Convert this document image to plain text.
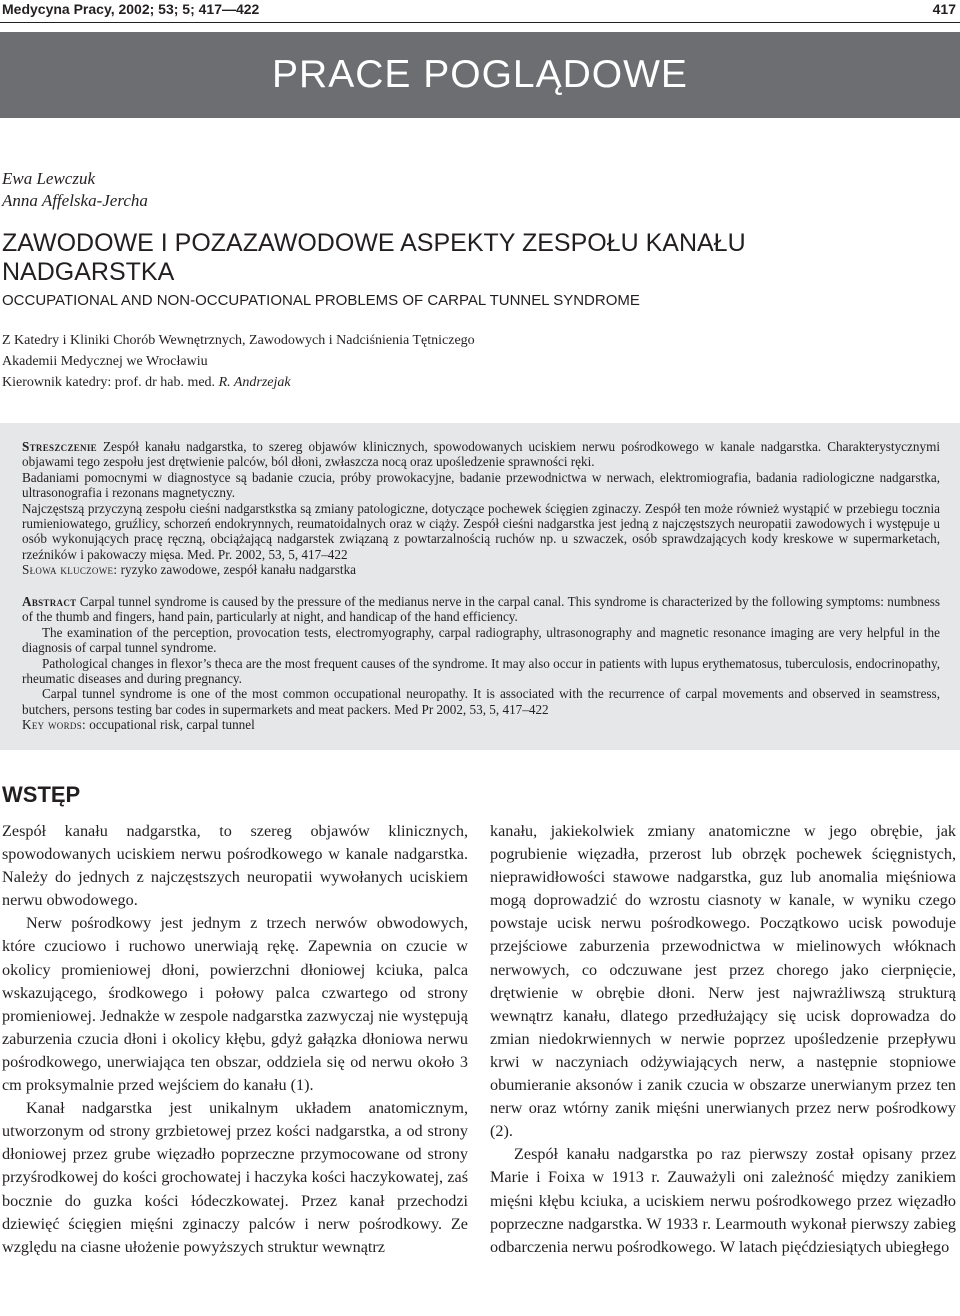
Medycyna Pracy, 2002; 53; 5; 417—422	417
PRACE POGLĄDOWE
Ewa Lewczuk
Anna Affelska-Jercha
ZAWODOWE I POZAZAWODOWE ASPEKTY ZESPOŁU KANAŁU
NADGARSTKA
OCCUPATIONAL AND NON-OCCUPATIONAL PROBLEMS OF CARPAL TUNNEL SYNDROME
Z Katedry i Kliniki Chorób Wewnętrznych, Zawodowych i Nadciśnienia Tętniczego
Akademii Medycznej we Wrocławiu
Kierownik katedry: prof. dr hab. med. R. Andrzejak

Streszczenie Zespół kanału nadgarstka, to szereg objawów klinicznych, spowodowanych uciskiem nerwu pośrodkowego w kanale nadgarstka. Charakterystycznymi objawami tego zespołu jest drętwienie palców, ból dłoni, zwłaszcza nocą oraz upośledzenie sprawności ręki.

Badaniami pomocnymi w diagnostyce są badanie czucia, próby prowokacyjne, badanie przewodnictwa w nerwach, elektromiografia, badania radiologiczne nadgarstka, ultrasonografia i rezonans magnetyczny.

Najczęstszą przyczyną zespołu cieśni nadgarstkstka są zmiany patologiczne, dotyczące pochewek ścięgien zginaczy. Zespół ten może również wystąpić w przebiegu tocznia rumieniowatego, gruźlicy, schorzeń endokrynnych, reumatoidalnych oraz w ciąży. Zespół cieśni nadgarstka jest jedną z najczęstszych neuropatii zawodowych i występuje u osób wykonujących pracę ręczną, obciążającą nadgarstek związaną z powtarzalnością ruchów np. u szwaczek, osób sprawdzających kody kreskowe w supermarketach, rzeźników i pakowaczy mięsa. Med. Pr. 2002, 53, 5, 417–422

Słowa kluczowe: ryzyko zawodowe, zespół kanału nadgarstka

Abstract Carpal tunnel syndrome is caused by the pressure of the medianus nerve in the carpal canal. This syndrome is characterized by the following symptoms: numbness of the thumb and fingers, hand pain, particularly at night, and handicap of the hand efficiency.

The examination of the perception, provocation tests, electromyography, carpal radiography, ultrasonography and magnetic resonance imaging are very helpful in the diagnosis of carpal tunnel syndrome.

Pathological changes in flexor’s theca are the most frequent causes of the syndrome. It may also occur in patients with lupus erythematosus, tuberculosis, endocrinopathy, rheumatic diseases and during pregnancy.

Carpal tunnel syndrome is one of the most common occupational neuropathy. It is associated with the recurrence of carpal movements and observed in seamstress, butchers, persons testing bar codes in supermarkets and meat packers. Med Pr 2002, 53, 5, 417–422

Key words: occupational risk, carpal tunnel

WSTĘP

Zespół kanału nadgarstka, to szereg objawów klinicznych, spowodowanych uciskiem nerwu pośrodkowego w kanale nadgarstka. Należy do jednych z najczęstszych neuropatii wywołanych uciskiem nerwu obwodowego.

Nerw pośrodkowy jest jednym z trzech nerwów obwodowych, które czuciowo i ruchowo unerwiają rękę. Zapewnia on czucie w okolicy promieniowej dłoni, powierzchni dłoniowej kciuka, palca wskazującego, środkowego i połowy palca czwartego od strony promieniowej. Jednakże w zespole nadgarstka zazwyczaj nie występują zaburzenia czucia dłoni i okolicy kłębu, gdyż gałązka dłoniowa nerwu pośrodkowego, unerwiająca ten obszar, oddziela się od nerwu około 3 cm proksymalnie przed wejściem do kanału (1).

Kanał nadgarstka jest unikalnym układem anatomicznym, utworzonym od strony grzbietowej przez kości nadgarstka, a od strony dłoniowej przez grube więzadło poprzeczne przymocowane od strony przyśrodkowej do kości grochowatej i haczyka kości haczykowatej, zaś bocznie do guzka kości łódeczkowatej. Przez kanał przechodzi dziewięć ścięgien mięśni zginaczy palców i nerw pośrodkowy. Ze względu na ciasne ułożenie powyższych struktur wewnątrz

kanału, jakiekolwiek zmiany anatomiczne w jego obrębie, jak pogrubienie więzadła, przerost lub obrzęk pochewek ścięgnistych, nieprawidłowości stawowe nadgarstka, guz lub anomalia mięśniowa mogą doprowadzić do wzrostu ciasnoty w kanale, w wyniku czego powstaje ucisk nerwu pośrodkowego. Początkowo ucisk powoduje przejściowe zaburzenia przewodnictwa w mielinowych włóknach nerwowych, co odczuwane jest przez chorego jako cierpnięcie, drętwienie w obrębie dłoni. Nerw jest najwrażliwszą strukturą wewnątrz kanału, dlatego przedłużający się ucisk doprowadza do zmian niedokrwiennych w nerwie poprzez upośledzenie przepływu krwi w naczyniach odżywiających nerw, a następnie stopniowe obumieranie aksonów i zanik czucia w obszarze unerwianym przez ten nerw oraz wtórny zanik mięśni unerwianych przez nerw pośrodkowy (2).

Zespół kanału nadgarstka po raz pierwszy został opisany przez Marie i Foixa w 1913 r. Zauważyli oni zależność między zanikiem mięśni kłębu kciuka, a uciskiem nerwu pośrodkowego przez więzadło poprzeczne nadgarstka. W 1933 r. Learmouth wykonał pierwszy zabieg odbarczenia nerwu pośrodkowego. W latach pięćdziesiątych ubiegłego
